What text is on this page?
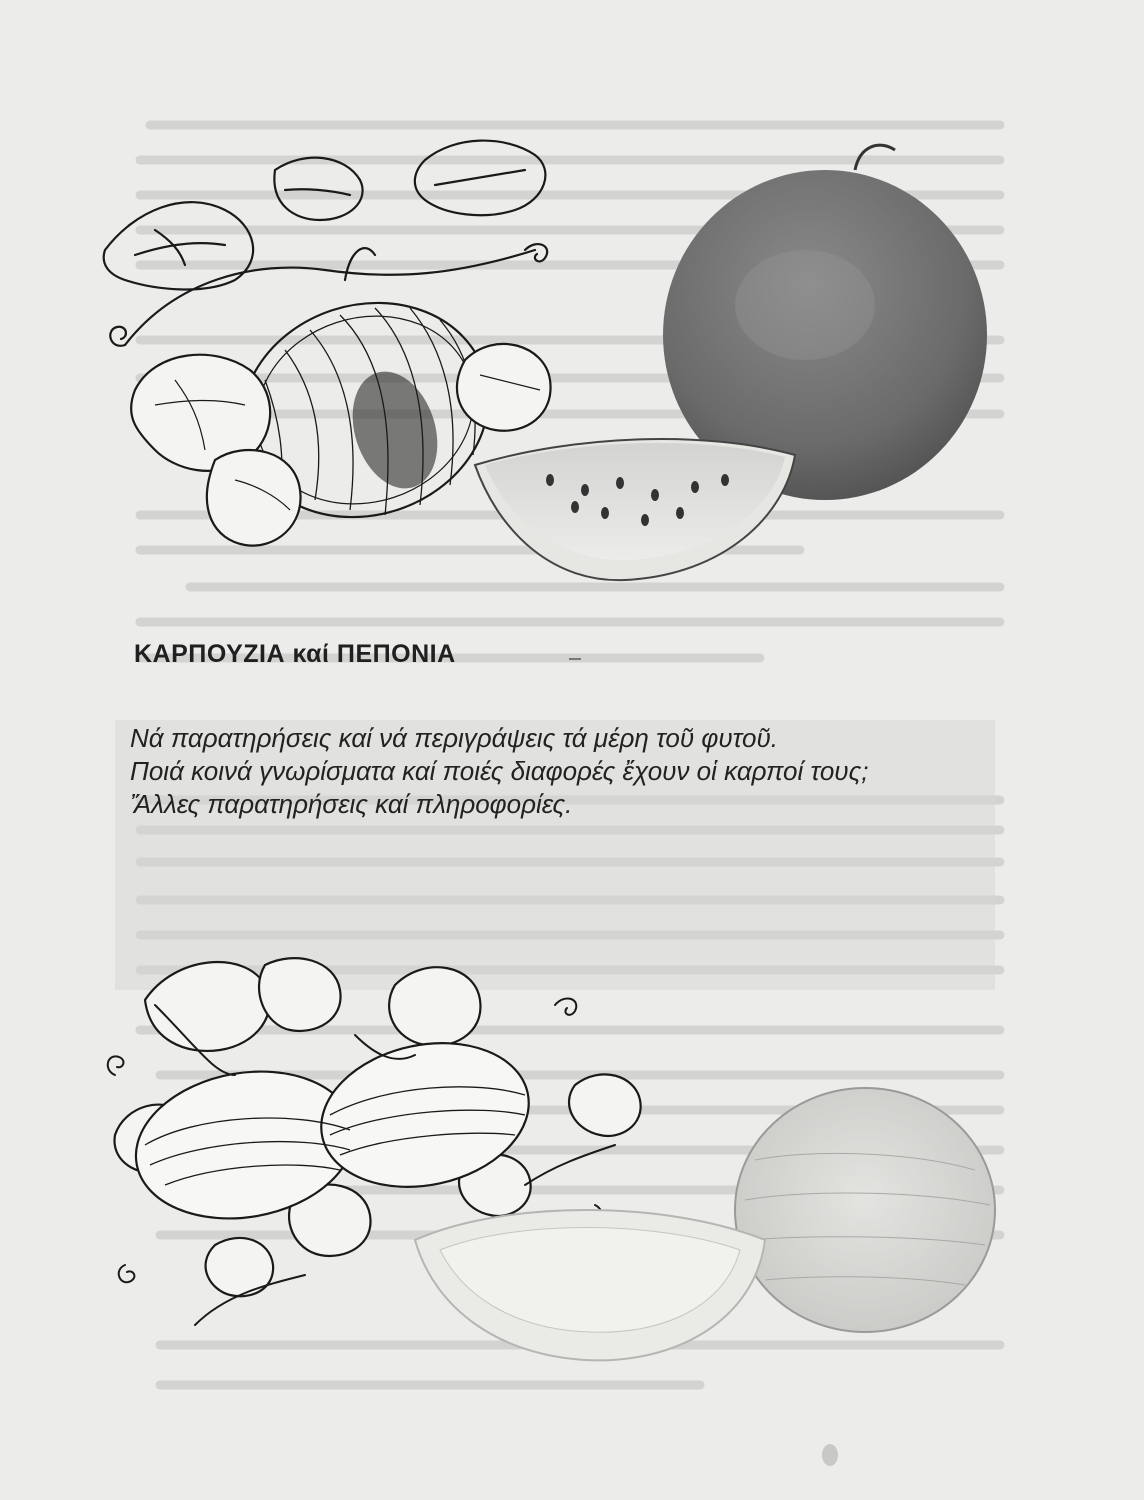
ΚΑΡΠΟΥΖΙΑ καί ΠΕΠΟΝΙΑ

Νά παρατηρήσεις καί νά περιγράψεις τά μέρη τοῦ φυτοῦ.

Ποιά κοινά γνωρίσματα καί ποιές διαφορές ἔχουν οἱ καρποί τους;

Ἄλλες παρατηρήσεις καί πληροφορίες.
